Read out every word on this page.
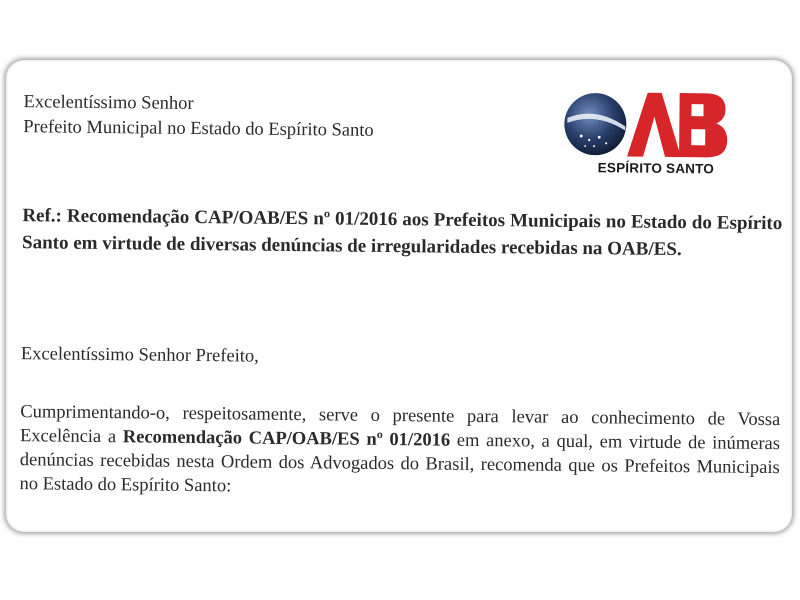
Excelentíssimo Senhor
Prefeito Municipal no Estado do Espírito Santo
ESPÍRITO SANTO
Ref.: Recomendação CAP/OAB/ES nº 01/2016 aos Prefeitos Municipais no Estado do Espírito Santo em virtude de diversas denúncias de irregularidades recebidas na OAB/ES.
Excelentíssimo Senhor Prefeito,
Cumprimentando-o, respeitosamente, serve o presente para levar ao conhecimento de Vossa Excelência a Recomendação CAP/OAB/ES nº 01/2016 em anexo, a qual, em virtude de inúmeras denúncias recebidas nesta Ordem dos Advogados do Brasil, recomenda que os Prefeitos Municipais no Estado do Espírito Santo:
